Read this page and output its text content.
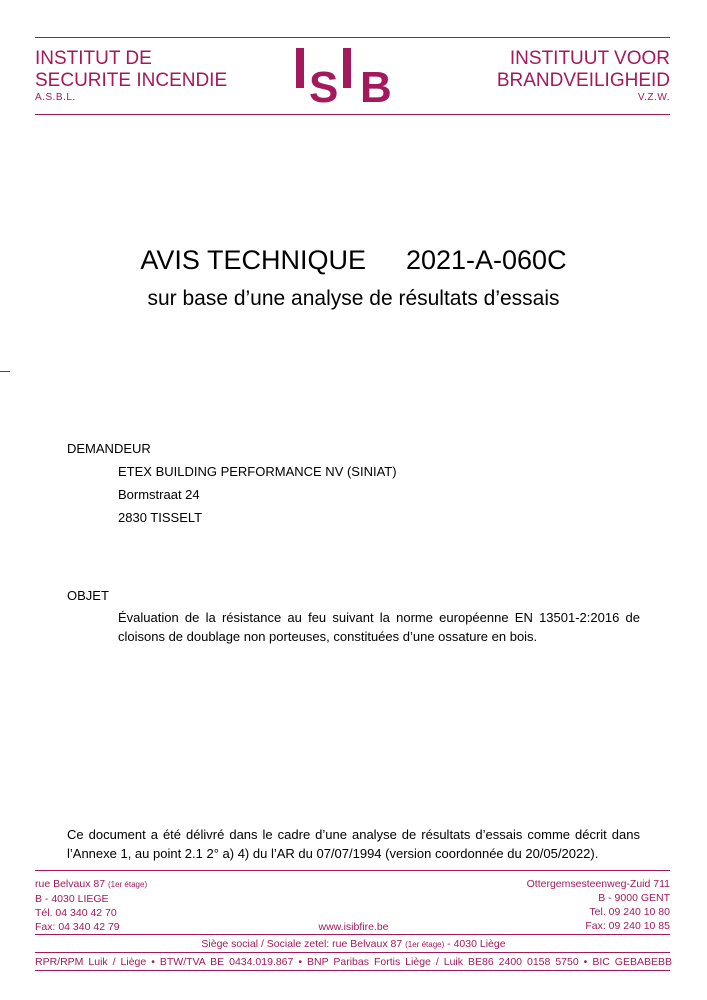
INSTITUT DE
SECURITE INCENDIE
A.S.B.L.	S B
INSTITUUT VOOR
BRANDVEILIGHEID
V.Z.W.
AVIS TECHNIQUE 2021-A-060C
sur base d’une analyse de résultats d’essais
DEMANDEUR
ETEX BUILDING PERFORMANCE NV (SINIAT)
Bormstraat 24
2830 TISSELT
OBJET
Évaluation de la résistance au feu suivant la norme européenne EN 13501-2:2016 de cloisons de doublage non porteuses, constituées d’une ossature en bois.
Ce document a été délivré dans le cadre d’une analyse de résultats d’essais comme décrit dans l’Annexe 1, au point 2.1 2° a) 4) du l’AR du 07/07/1994 (version coordonnée du 20/05/2022).
rue Belvaux 87 (1er étage)
B - 4030 LIEGE
Tél. 04 340 42 70
Fax: 04 340 42 79
Ottergemsesteenweg-Zuid 711
B - 9000 GENT
Tel. 09 240 10 80
Fax: 09 240 10 85
www.isibfire.be
Siège social / Sociale zetel: rue Belvaux 87 (1er étage) - 4030 Liège
RPR/RPM Luik / Liège • BTW/TVA BE 0434.019.867 • BNP Paribas Fortis Liège / Luik BE86 2400 0158 5750 • BIC GEBABEBB
